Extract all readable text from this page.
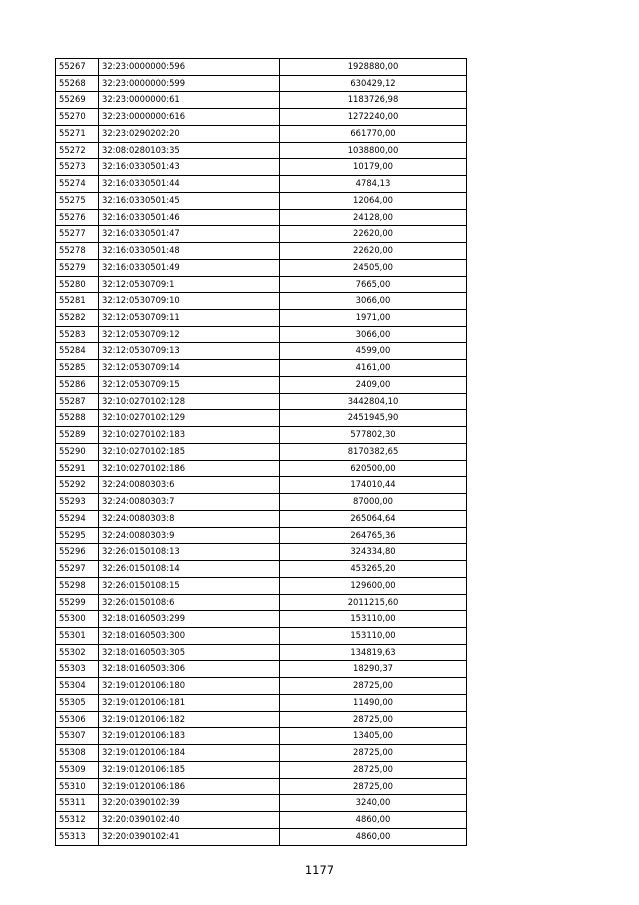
55267	32:23:0000000:596	1928880,00
55268	32:23:0000000:599	630429,12
55269	32:23:0000000:61	1183726,98
55270	32:23:0000000:616	1272240,00
55271	32:23:0290202:20	661770,00
55272	32:08:0280103:35	1038800,00
55273	32:16:0330501:43	10179,00
55274	32:16:0330501:44	4784,13
55275	32:16:0330501:45	12064,00
55276	32:16:0330501:46	24128,00
55277	32:16:0330501:47	22620,00
55278	32:16:0330501:48	22620,00
55279	32:16:0330501:49	24505,00
55280	32:12:0530709:1	7665,00
55281	32:12:0530709:10	3066,00
55282	32:12:0530709:11	1971,00
55283	32:12:0530709:12	3066,00
55284	32:12:0530709:13	4599,00
55285	32:12:0530709:14	4161,00
55286	32:12:0530709:15	2409,00
55287	32:10:0270102:128	3442804,10
55288	32:10:0270102:129	2451945,90
55289	32:10:0270102:183	577802,30
55290	32:10:0270102:185	8170382,65
55291	32:10:0270102:186	620500,00
55292	32:24:0080303:6	174010,44
55293	32:24:0080303:7	87000,00
55294	32:24:0080303:8	265064,64
55295	32:24:0080303:9	264765,36
55296	32:26:0150108:13	324334,80
55297	32:26:0150108:14	453265,20
55298	32:26:0150108:15	129600,00
55299	32:26:0150108:6	2011215,60
55300	32:18:0160503:299	153110,00
55301	32:18:0160503:300	153110,00
55302	32:18:0160503:305	134819,63
55303	32:18:0160503:306	18290,37
55304	32:19:0120106:180	28725,00
55305	32:19:0120106:181	11490,00
55306	32:19:0120106:182	28725,00
55307	32:19:0120106:183	13405,00
55308	32:19:0120106:184	28725,00
55309	32:19:0120106:185	28725,00
55310	32:19:0120106:186	28725,00
55311	32:20:0390102:39	3240,00
55312	32:20:0390102:40	4860,00
55313	32:20:0390102:41	4860,00
1177
